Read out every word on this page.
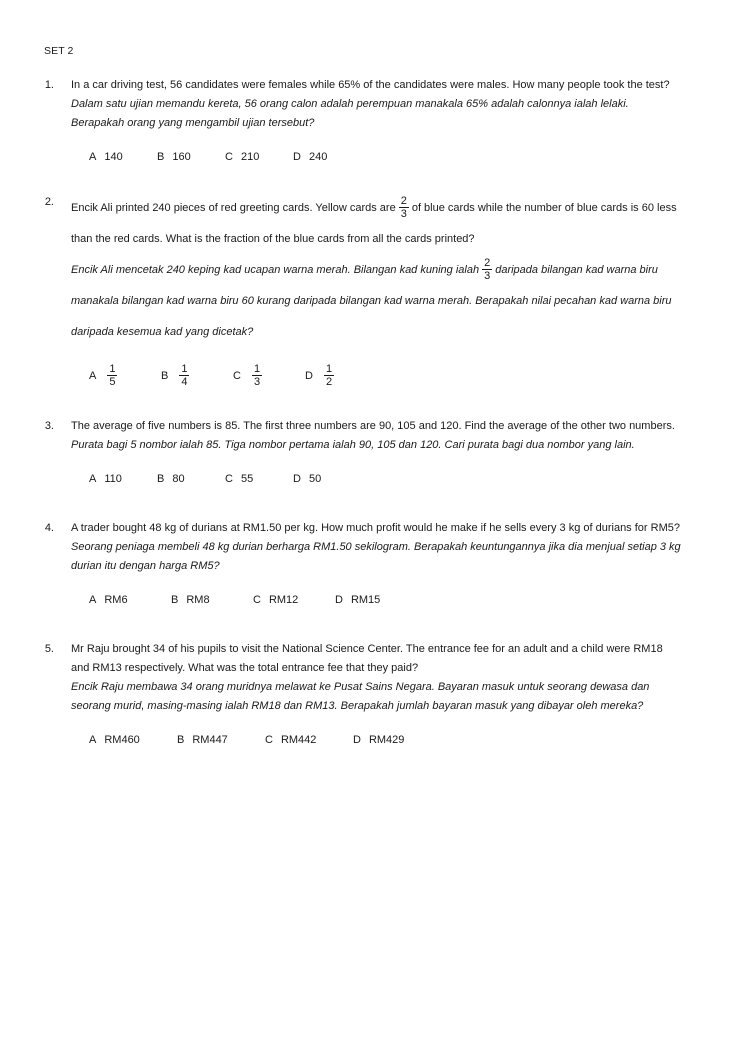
SET 2
1.	In a car driving test, 56 candidates were females while 65% of the candidates were males. How many people took the test?

Dalam satu ujian memandu kereta, 56 orang calon adalah perempuan manakala 65% adalah calonnya ialah lelaki. Berapakah orang yang mengambil ujian tersebut?

A 140	B 160	C 210	D 240
2.	Encik Ali printed 240 pieces of red greeting cards. Yellow cards are $\frac{2}{3}$ of blue cards while the number of blue cards is 60 less than the red cards. What is the fraction of the blue cards from all the cards printed?

Encik Ali mencetak 240 keping kad ucapan warna merah. Bilangan kad kuning ialah $\frac{2}{3}$ daripada bilangan kad warna biru manakala bilangan kad warna biru 60 kurang daripada bilangan kad warna merah. Berapakah nilai pecahan kad warna biru daripada kesemua kad yang dicetak?

A $\frac{1}{5}$	B $\frac{1}{4}$	C $\frac{1}{3}$	D $\frac{1}{2}$
3.	The average of five numbers is 85. The first three numbers are 90, 105 and 120. Find the average of the other two numbers.

Purata bagi 5 nombor ialah 85. Tiga nombor pertama ialah 90, 105 dan 120. Cari purata bagi dua nombor yang lain.

A 110	B 80	C 55	D 50
4.	A trader bought 48 kg of durians at RM1.50 per kg. How much profit would he make if he sells every 3 kg of durians for RM5?

Seorang peniaga membeli 48 kg durian berharga RM1.50 sekilogram. Berapakah keuntungannya jika dia menjual setiap 3 kg durian itu dengan harga RM5?

A RM6	B RM8	C RM12	D RM15
5.	Mr Raju brought 34 of his pupils to visit the National Science Center. The entrance fee for an adult and a child were RM18 and RM13 respectively. What was the total entrance fee that they paid?

Encik Raju membawa 34 orang muridnya melawat ke Pusat Sains Negara. Bayaran masuk untuk seorang dewasa dan seorang murid, masing-masing ialah RM18 dan RM13. Berapakah jumlah bayaran masuk yang dibayar oleh mereka?

A RM460	B RM447	C RM442	D RM429
